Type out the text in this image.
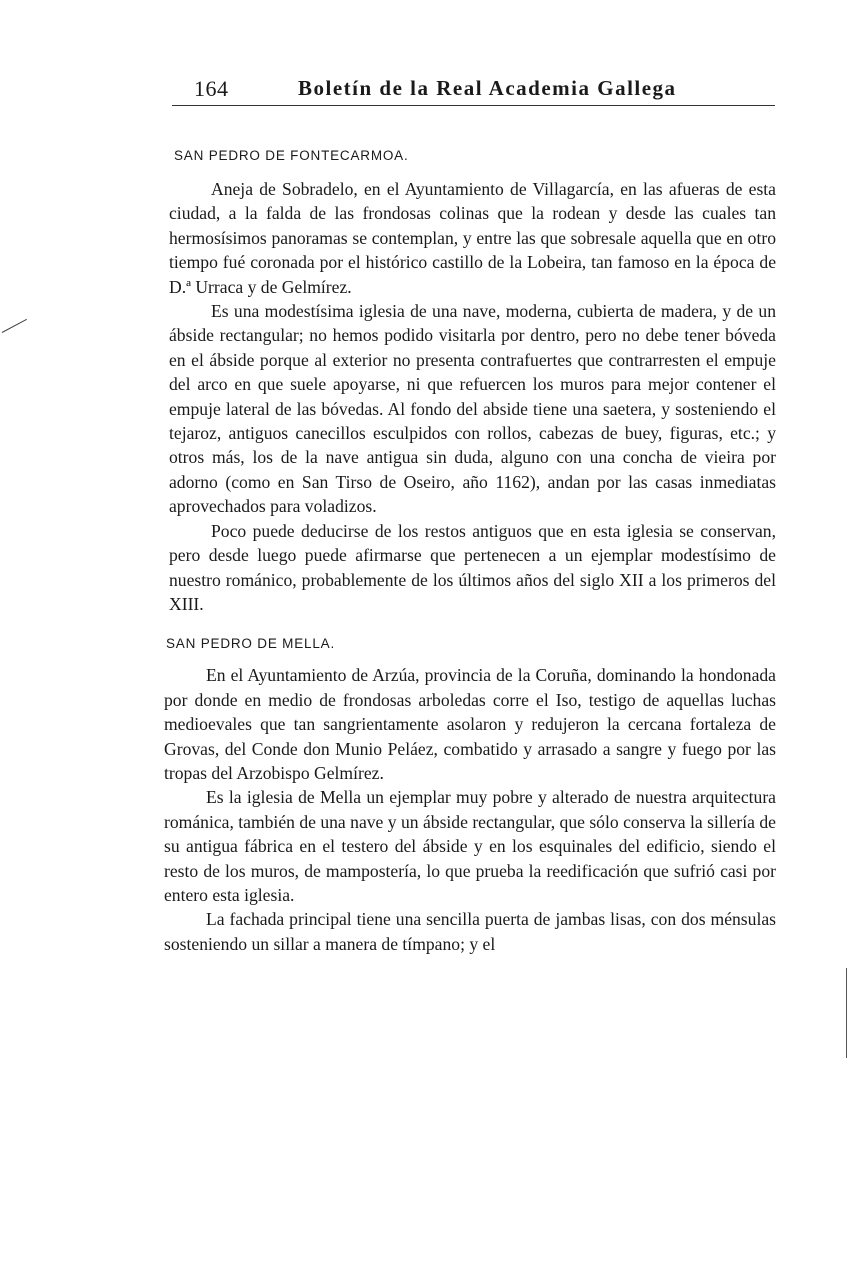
164	Boletín de la Real Academia Gallega
SAN PEDRO DE FONTECARMOA.

Aneja de Sobradelo, en el Ayuntamiento de Villagarcía, en las afueras de esta ciudad, a la falda de las frondosas colinas que la rodean y desde las cuales tan hermosísimos panoramas se contemplan, y entre las que sobresale aquella que en otro tiempo fué coronada por el histórico castillo de la Lobeira, tan famoso en la época de D.ª Urraca y de Gelmírez.

Es una modestísima iglesia de una nave, moderna, cubierta de madera, y de un ábside rectangular; no hemos podido visitarla por dentro, pero no debe tener bóveda en el ábside porque al exterior no presenta contrafuertes que contrarresten el empuje del arco en que suele apoyarse, ni que refuercen los muros para mejor contener el empuje lateral de las bóvedas. Al fondo del abside tiene una saetera, y sosteniendo el tejaroz, antiguos canecillos esculpidos con rollos, cabezas de buey, figuras, etc.; y otros más, los de la nave antigua sin duda, alguno con una concha de vieira por adorno (como en San Tirso de Oseiro, año 1162), andan por las casas inmediatas aprovechados para voladizos.

Poco puede deducirse de los restos antiguos que en esta iglesia se conservan, pero desde luego puede afirmarse que pertenecen a un ejemplar modestísimo de nuestro románico, probablemente de los últimos años del siglo XII a los primeros del XIII.

SAN PEDRO DE MELLA.

En el Ayuntamiento de Arzúa, provincia de la Coruña, dominando la hondonada por donde en medio de frondosas arboledas corre el Iso, testigo de aquellas luchas medioevales que tan sangrientamente asolaron y redujeron la cercana fortaleza de Grovas, del Conde don Munio Peláez, combatido y arrasado a sangre y fuego por las tropas del Arzobispo Gelmírez.

Es la iglesia de Mella un ejemplar muy pobre y alterado de nuestra arquitectura románica, también de una nave y un ábside rectangular, que sólo conserva la sillería de su antigua fábrica en el testero del ábside y en los esquinales del edificio, siendo el resto de los muros, de mampostería, lo que prueba la reedificación que sufrió casi por entero esta iglesia.

La fachada principal tiene una sencilla puerta de jambas lisas, con dos ménsulas sosteniendo un sillar a manera de tímpano; y el
